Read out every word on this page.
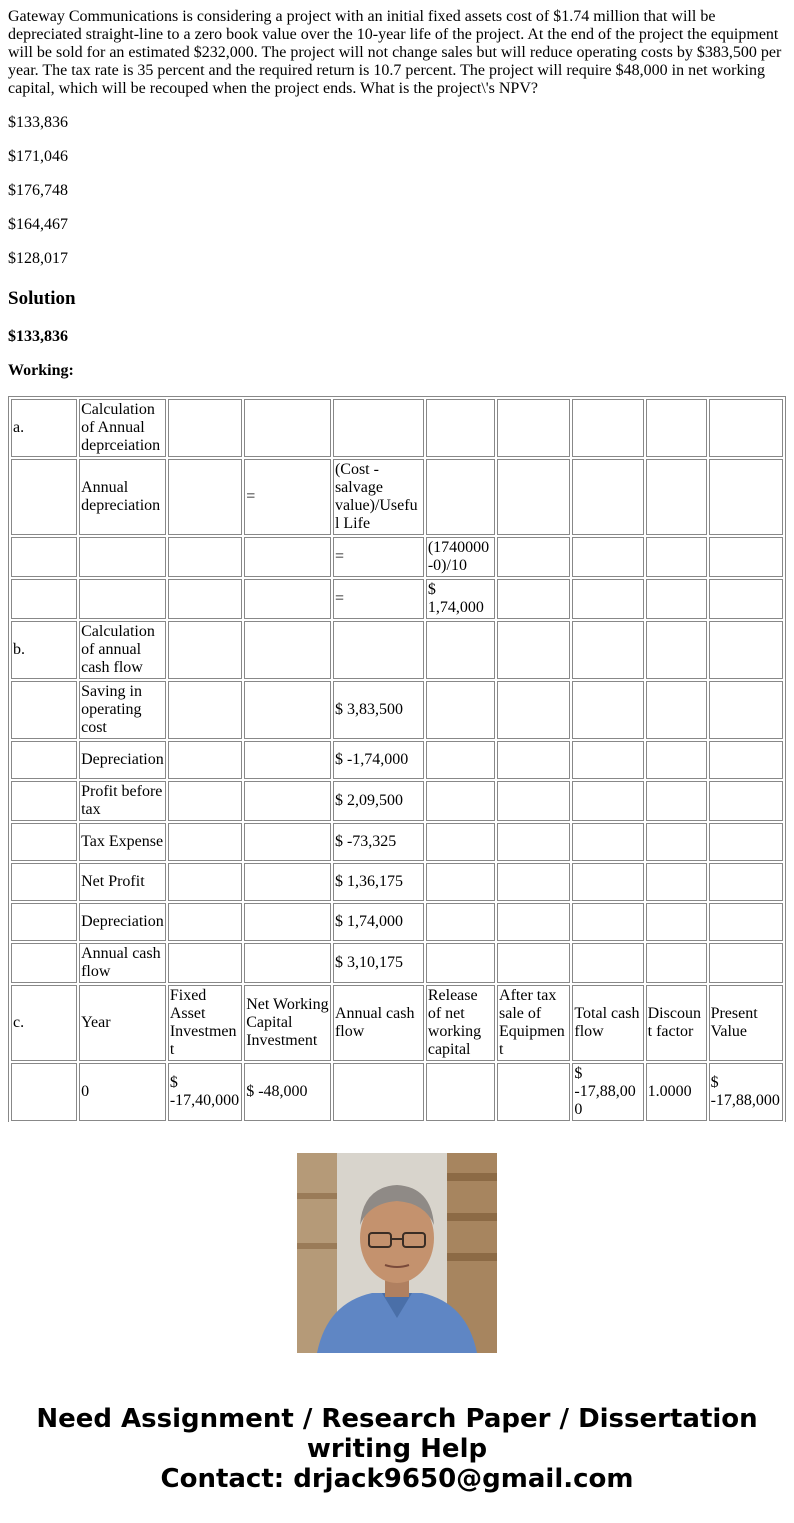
Gateway Communications is considering a project with an initial fixed assets cost of $1.74 million that will be depreciated straight-line to a zero book value over the 10-year life of the project. At the end of the project the equipment will be sold for an estimated $232,000. The project will not change sales but will reduce operating costs by $383,500 per year. The tax rate is 35 percent and the required return is 10.7 percent. The project will require $48,000 in net working capital, which will be recouped when the project ends. What is the project\'s NPV?

$133,836

$171,046

$176,748

$164,467

$128,017

Solution

$133,836

Working:

a.	Calculation of Annual deprceiation								
	Annual depreciation		=	(Cost - salvage value)/Useful Life					
				=	(1740000-0)/10				
				=	$ 1,74,000				
b.	Calculation of annual cash flow								
	Saving in operating cost			$ 3,83,500					
	Depreciation			$ -1,74,000					
	Profit before tax			$ 2,09,500					
	Tax Expense			$ -73,325					
	Net Profit			$ 1,36,175					
	Depreciation			$ 1,74,000					
	Annual cash flow			$ 3,10,175					
c.	Year	Fixed Asset Investment	Net Working Capital Investment	Annual cash flow	Release of net working capital	After tax sale of Equipment	Total cash flow	Discount factor	Present Value
	0	$ -17,40,000	$ -48,000				$ -17,88,000	1.0000	$ -17,88,000

Need Assignment / Research Paper / Dissertation
writing Help
Contact: drjack9650@gmail.com
